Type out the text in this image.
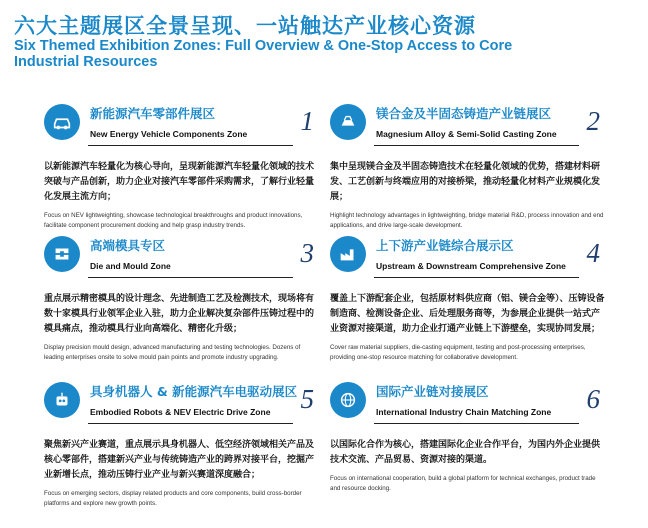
六大主题展区全景呈现、一站触达产业核心资源
Six Themed Exhibition Zones: Full Overview & One-Stop Access to Core Industrial Resources
新能源汽车零部件展区
New Energy Vehicle Components Zone 1
以新能源汽车轻量化为核心导向，呈现新能源汽车轻量化领域的技术突破与产品创新，助力企业对接汽车零部件采购需求，了解行业轻量化发展主流方向；
Focus on NEV lightweighting, showcase technological breakthroughs and product innovations, facilitate component procurement docking and help grasp industry trends.
镁合金及半固态铸造产业链展区
Magnesium Alloy & Semi-Solid Casting Zone 2
集中呈现镁合金及半固态铸造技术在轻量化领域的优势，搭建材料研发、工艺创新与终端应用的对接桥梁，推动轻量化材料产业规模化发展；
Highlight technology advantages in lightweighting, bridge material R&D, process innovation and end applications, and drive large-scale development.
高端模具专区
Die and Mould Zone	3
重点展示精密模具的设计理念、先进制造工艺及检测技术，现场将有数十家模具行业领军企业入驻，助力企业解决复杂部件压铸过程中的模具痛点，推动模具行业向高端化、精密化升级；
Display precision mould design, advanced manufacturing and testing technologies. Dozens of leading enterprises onsite to solve mould pain points and promote industry upgrading.
上下游产业链综合展示区
Upstream & Downstream Comprehensive Zone 4
覆盖上下游配套企业，包括原材料供应商（铝、镁合金等）、压铸设备制造商、检测设备企业、后处理服务商等，为参展企业提供一站式产业资源对接渠道，助力企业打通产业链上下游壁垒，实现协同发展；
Cover raw material suppliers, die-casting equipment, testing and post-processing enterprises, providing one-stop resource matching for collaborative development.
具身机器人 & 新能源汽车电驱动展区
Embodied Robots & NEV Electric Drive Zone 5
聚焦新兴产业赛道，重点展示具身机器人、低空经济领域相关产品及核心零部件，搭建新兴产业与传统铸造产业的跨界对接平台，挖掘产业新增长点，推动压铸行业产业与新兴赛道深度融合；
Focus on emerging sectors, display related products and core components, build cross-border platforms and explore new growth points.
国际产业链对接展区
International Industry Chain Matching Zone 6
以国际化合作为核心，搭建国际化企业合作平台，为国内外企业提供技术交流、产品贸易、资源对接的渠道。
Focus on international cooperation, build a global platform for technical exchanges, product trade and resource docking.
